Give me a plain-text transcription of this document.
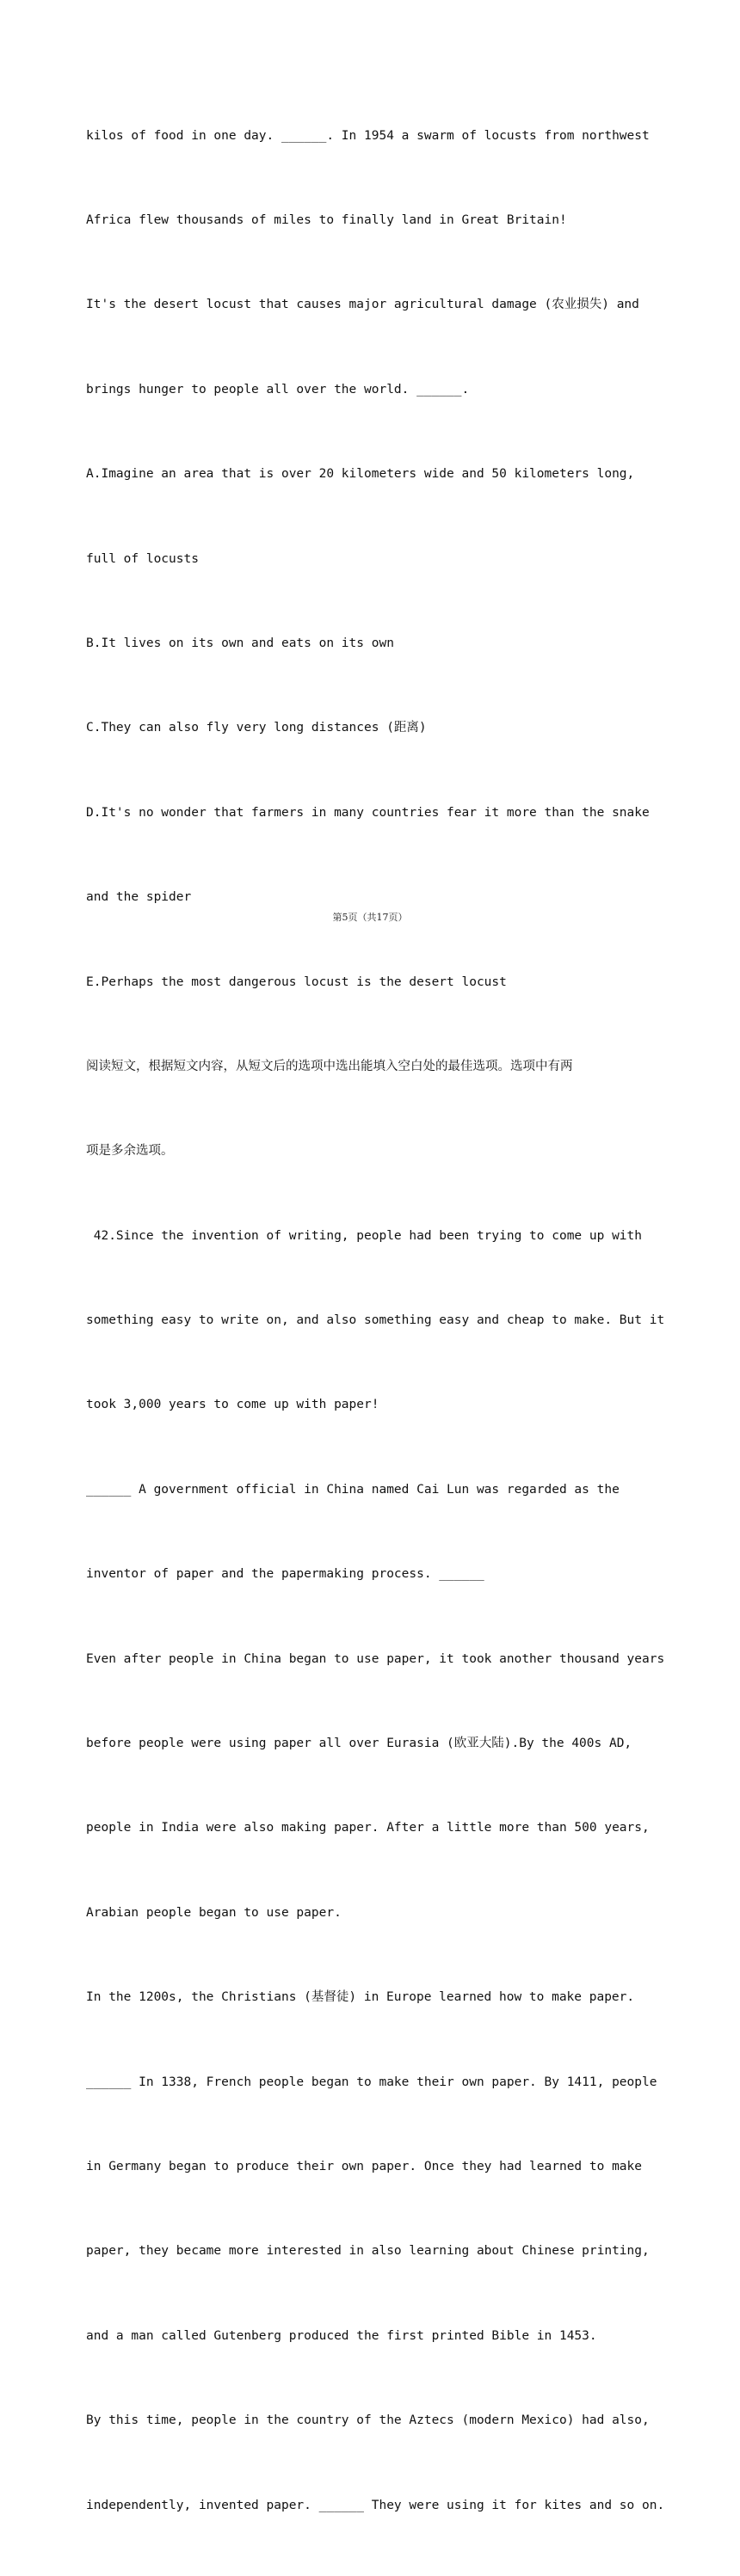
kilos of food in one day. ______. In 1954 a swarm of locusts from northwest

Africa flew thousands of miles to finally land in Great Britain!

It's the desert locust that causes major agricultural damage (农业损失) and

brings hunger to people all over the world. ______.

A.Imagine an area that is over 20 kilometers wide and 50 kilometers long,

full of locusts

B.It lives on its own and eats on its own

C.They can also fly very long distances (距离)

D.It's no wonder that farmers in many countries fear it more than the snake

and the spider

E.Perhaps the most dangerous locust is the desert locust

阅读短文，根据短文内容，从短文后的选项中选出能填入空白处的最佳选项。选项中有两

项是多余选项。

42.Since the invention of writing, people had been trying to come up with

something easy to write on, and also something easy and cheap to make. But it

took 3,000 years to come up with paper!

______ A government official in China named Cai Lun was regarded as the

inventor of paper and the papermaking process. ______

Even after people in China began to use paper, it took another thousand years

before people were using paper all over Eurasia (欧亚大陆).By the 400s AD,

people in India were also making paper. After a little more than 500 years,

Arabian people began to use paper.

In the 1200s, the Christians (基督徒) in Europe learned how to make paper.

______ In 1338, French people began to make their own paper. By 1411, people

in Germany began to produce their own paper. Once they had learned to make

paper, they became more interested in also learning about Chinese printing,

and a man called Gutenberg produced the first printed Bible in 1453.

By this time, people in the country of the Aztecs (modern Mexico) had also,

independently, invented paper. ______ They were using it for kites and so on.

第5页（共17页）
